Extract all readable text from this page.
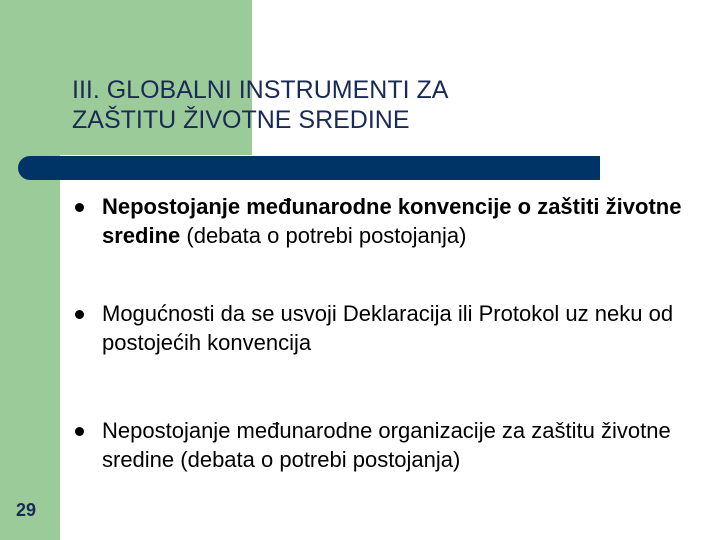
III. GLOBALNI INSTRUMENTI ZA
ZAŠTITU ŽIVOTNE SREDINE
Nepostojanje međunarodne konvencije o zaštiti životne sredine (debata o potrebi postojanja)
Mogućnosti da se usvoji Deklaracija ili Protokol uz neku od postojećih konvencija
Nepostojanje međunarodne organizacije za zaštitu životne sredine (debata o potrebi postojanja)
29
